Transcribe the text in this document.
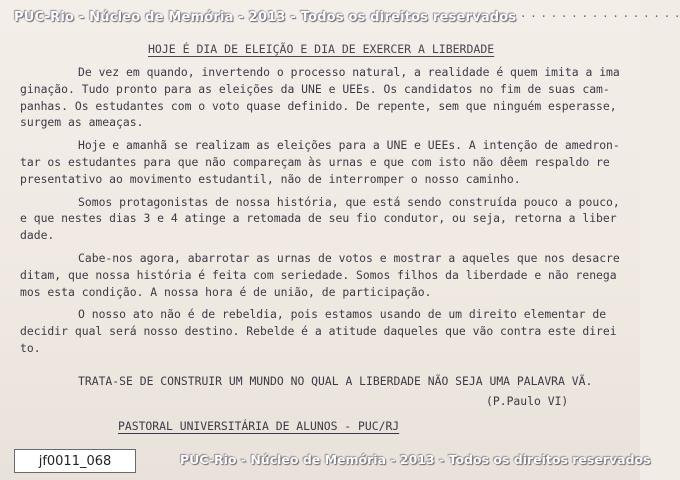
PUC-Rio - Núcleo de Memória - 2013 - Todos os direitos reservados · · · · · · · · · · · · · · · ·
HOJE É DIA DE ELEIÇÃO E DIA DE EXERCER A LIBERDADE
De vez em quando, invertendo o processo natural, a realidade é quem imita a ima
ginação. Tudo pronto para as eleições da UNE e UEEs. Os candidatos no fim de suas cam-
panhas. Os estudantes com o voto quase definido. De repente, sem que ninguém esperasse,
surgem as ameaças.
Hoje e amanhã se realizam as eleições para a UNE e UEEs. A intenção de amedron-
tar os estudantes para que não compareçam às urnas e que com isto não dêem respaldo re
presentativo ao movimento estudantil, não de interromper o nosso caminho.
Somos protagonistas de nossa história, que está sendo construída pouco a pouco,
e que nestes dias 3 e 4 atinge a retomada de seu fio condutor, ou seja, retorna a liber
dade.
Cabe-nos agora, abarrotar as urnas de votos e mostrar a aqueles que nos desacre
ditam, que nossa história é feita com seriedade. Somos filhos da liberdade e não renega
mos esta condição. A nossa hora é de união, de participação.
O nosso ato não é de rebeldia, pois estamos usando de um direito elementar de
decidir qual será nosso destino. Rebelde é a atitude daqueles que vão contra este direi
to.
TRATA-SE DE CONSTRUIR UM MUNDO NO QUAL A LIBERDADE NÃO SEJA UMA PALAVRA VÃ.
(P.Paulo VI)
PASTORAL UNIVERSITÁRIA DE ALUNOS - PUC/RJ
jf0011_068	PUC-Rio - Núcleo de Memória - 2013 - Todos os direitos reservados
